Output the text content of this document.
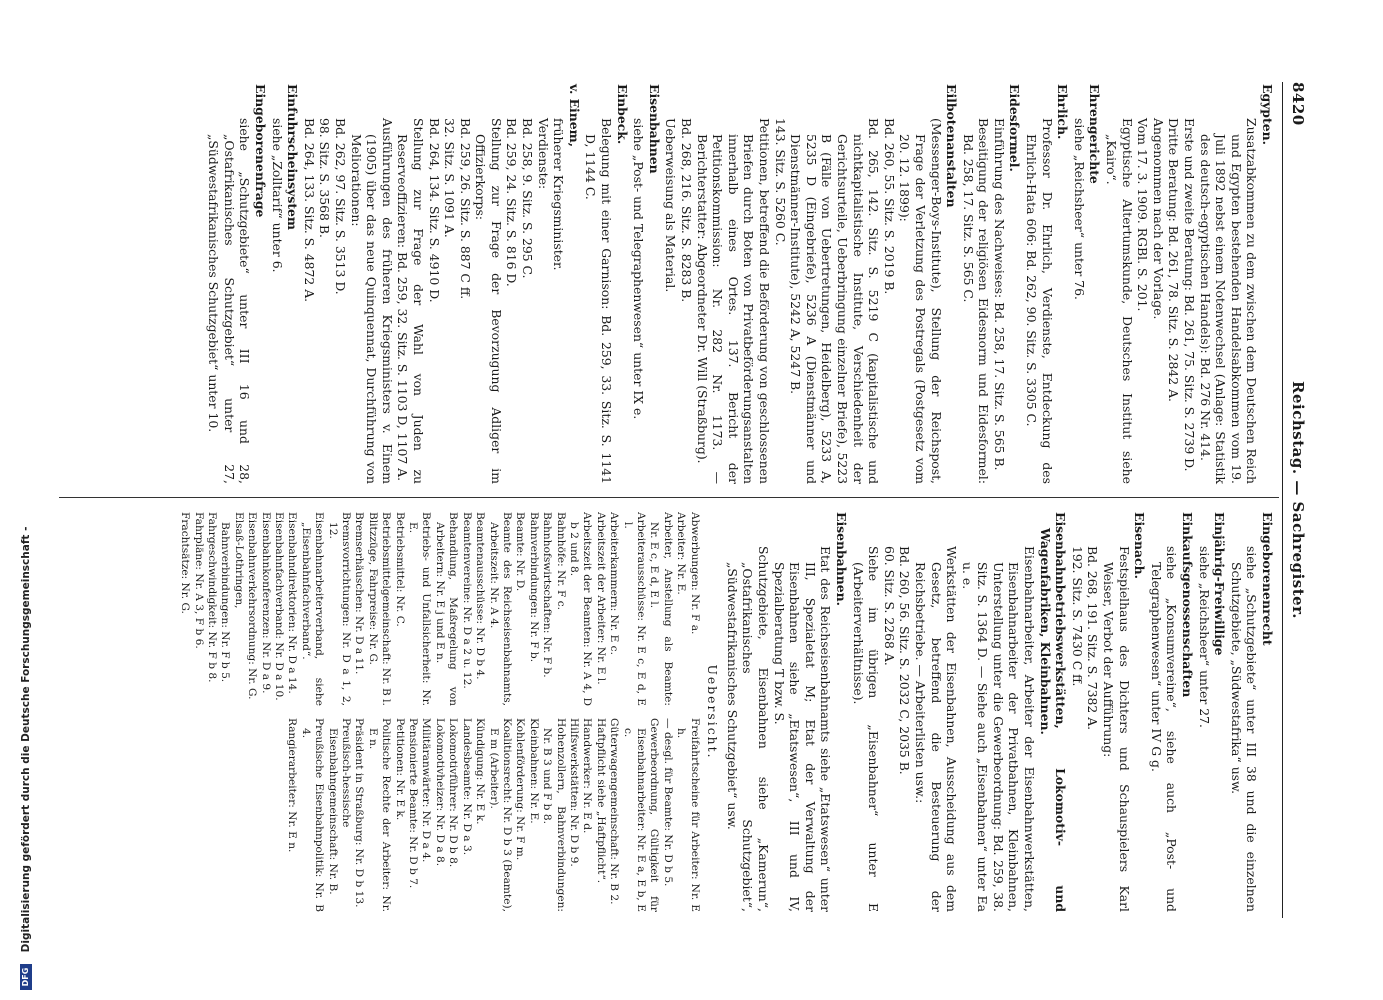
8420
Reichstag. — Sachregister.
Egypten.
Zusatzabkommen zu dem zwischen dem Deutschen Reich und Egypten bestehenden Handelsabkommen vom 19. Juli 1892 nebst einem Notenwechsel (Anlage: Statistik des deutsch-egyptischen Handels): Bd. 276 Nr. 414.
Erste und zweite Beratung: Bd. 261, 75. Sitz. S. 2739 D.
Dritte Beratung: Bd. 261, 78. Sitz. S. 2842 A.
Angenommen nach der Vorlage.
Vom 17. 3. 1909. RGBl. S. 201.
Egyptische Altertumskunde, Deutsches Institut siehe „Kairo“.
Ehrengerichte
siehe „Reichsheer“ unter 76.
Ehrlich.
Professor Dr. Ehrlich, Verdienste, Entdeckung des Ehrlich-Hata 606: Bd. 262, 90. Sitz. S. 3305 C.
Eidesformel.
Einführung des Nachweises: Bd. 258, 17. Sitz. S. 565 B.
Beseitigung der religiösen Eidesnorm und Eidesformel: Bd. 258, 17. Sitz. S. 565 C.
Eilbotenanstalten
(Messenger-Boys-Institute), Stellung der Reichspost, Frage der Verletzung des Postregals (Postgesetz vom 20. 12. 1899):
Bd. 260, 55. Sitz. S. 2019 B.
Bd. 265, 142. Sitz. S. 5219 C (kapitalistische und nichtkapitalistische Institute, Verschiedenheit der Gerichtsurteile, Ueberbringung einzelner Briefe), 5223 B (Fälle von Uebertretungen, Heidelberg), 5233 A, 5235 D (Eingebriefe), 5236 A (Dienstmänner und Dienstmänner-Institute), 5242 A, 5247 B.
143. Sitz. S. 5260 C.
Petitionen, betreffend die Beförderung von geschlossenen Briefen durch Boten von Privatbeförderungsanstalten innerhalb eines Ortes. 137. Bericht der Petitionskommission: Nr. 282 Nr. 1173. — Berichterstatter: Abgeordneter Dr. Will (Straßburg).
Bd. 268, 216. Sitz. S. 8283 B.
Ueberweisung als Material.
Eisenbahnen
siehe „Post- und Telegraphenwesen“ unter IX e.
Einbeck.
Belegung mit einer Garnison: Bd. 259, 33. Sitz. S. 1141 D, 1144 C.
v. Einem,
früherer Kriegsminister.
Verdienste:
Bd. 258, 9. Sitz. S. 295 C.
Bd. 259, 24. Sitz. S. 816 D.
Stellung zur Frage der Bevorzugung Adliger im Offizierkorps:
Bd. 259, 26. Sitz. S. 887 C ff.
32. Sitz. S. 1091 A.
Bd. 264, 134. Sitz. S. 4910 D.
Stellung zur Frage der Wahl von Juden zu Reserveoffizieren: Bd. 259, 32. Sitz. S. 1103 D, 1107 A.
Ausführungen des früheren Kriegsministers v. Einem (1905) über das neue Quinquennat, Durchführung von Meliorationen:
Bd. 262, 97. Sitz. S. 3513 D.
98. Sitz. S. 3568 B.
Bd. 264, 133. Sitz. S. 4872 A.
Einfuhrscheinsystem
siehe „Zolltarif“ unter 6.
Eingeborenenfrage
siehe „Schutzgebiete“ unter III 16 und 28, „Ostafrikanisches Schutzgebiet“ unter 27, „Südwestafrikanisches Schutzgebiet“ unter 10.
Eingeborenenrecht
siehe „Schutzgebiete“ unter III 38 und die einzelnen Schutzgebiete, „Südwestafrika“ usw.
Einjährig-Freiwillige
siehe „Reichsheer“ unter 27.
Einkaufsgenossenschaften
siehe „Konsumvereine“, siehe auch „Post- und Telegraphenwesen“ unter IV G g.
Eisenach.
Festspielhaus des Dichters und Schauspielers Karl Weiser, Verbot der Aufführung:
Bd. 268, 191. Sitz. S. 7382 A.
192. Sitz. S. 7430 C ff.
Eisenbahnbetriebswerkstätten, Lokomotiv- und Wagenfabriken, Kleinbahnen.
Eisenbahnarbeiter, Arbeiter der Eisenbahnwerkstätten, Eisenbahnarbeiter der Privatbahnen, Kleinbahnen, Unterstellung unter die Gewerbeordnung: Bd. 259, 38. Sitz. S. 1364 D. — Siehe auch „Eisenbahnen“ unter Ea u. e.
Werkstätten der Eisenbahnen, Ausscheidung aus dem Gesetz, betreffend die Besteuerung der Reichsbetriebe. — Arbeiterlisten usw.:
Bd. 260, 56. Sitz. S. 2032 C, 2035 B.
60. Sitz. S. 2268 A.
Siehe im übrigen „Eisenbahner“ unter E (Arbeiterverhältnisse).
Eisenbahnen.
Etat des Reichseisenbahnamts siehe „Etatswesen“ unter III, Spezialetat M; Etat der Verwaltung der Eisenbahnen siehe „Etatswesen“, III und IV, Spezialberatung T bzw. S.
Schutzgebiete, Eisenbahnen siehe „Kamerun“, „Ostafrikanisches Schutzgebiet“, „Südwestafrikanisches Schutzgebiet“ usw.
Uebersicht.
Abwerbungen: Nr. F a.
Arbeiter: Nr. E.
Arbeiter, Anstellung als Beamte: Nr. E c, E d, E l.
Arbeiterausschüsse: Nr. E c, E d, E l.
Arbeiterkammern: Nr. E c.
Arbeitszeit der Arbeiter: Nr. E l.
Arbeitszeit der Beamten: Nr. A 4, D b 2 und 8.
Bahnhöfe: Nr. F c.
Bahnhofswirtschaften: Nr. F b.
Bahnverbindungen: Nr. F b.
Beamte: Nr. D.
Beamte des Reichseisenbahnamts, Arbeitszeit: Nr. A 4.
Beamtenausschüsse: Nr. D b 4.
Beamtenvereine: Nr. D a 2 u. 12.
Behandlung, Maßregelung von Arbeitern: Nr. E j und E n.
Betriebs- und Unfallsicherheit: Nr. E.
Betriebsmittel: Nr. C.
Betriebsmittelgemeinschaft: Nr. B l.
Blitzzüge, Fahrpreise: Nr. G.
Bremserhäuschen: Nr. D a 11.
Bremsvorrichtungen: Nr. D a 1, 2, 12.
Eisenbahnarbeiterverband, siehe „Eisenbahnfachverband“.
Eisenbahndirektorien: Nr. D a 14.
Eisenbahnfachverband: Nr. D a 10.
Eisenbahnkonferenzen: Nr. D a 9.
Eisenbahnverkehrsordnung: Nr. G.
Elsaß-Lothringen, Bahnverbindungen: Nr. F b 5.
Fahrgeschwindigkeit: Nr. F b 8.
Fahrpläne: Nr. A 3, F b 6.
Frachtsätze: Nr. G.
Freifahrtscheine für Arbeiter: Nr. E h.
— desgl. für Beamte: Nr. D b 5.
Gewerbeordnung, Gültigkeit für Eisenbahnarbeiter: Nr. E a, E b, E c.
Güterwagengemeinschaft: Nr. B 2.
Haftpflicht siehe „Haftpflicht“.
Handwerker: Nr. E d.
Hilfswerkstätten: Nr. D b 9.
Hohenzollern, Bahnverbindungen: Nr. B 3 und F b 8.
Kleinbahnen: Nr. E.
Kohlenförderung: Nr. F m.
Koalitionsrecht: Nr. D b 3 (Beamte), E m (Arbeiter).
Kündigung: Nr. E k.
Landesbeamte: Nr. D a 3.
Lokomotivführer: Nr. D b 8.
Lokomotivheizer: Nr. D a 8.
Militäranwärter: Nr. D a 4.
Pensionierte Beamte: Nr. D b 7.
Petitionen: Nr. E k.
Politische Rechte der Arbeiter: Nr. E n.
Präsident in Straßburg: Nr. D b 13.
Preußisch-hessische Eisenbahngemeinschaft: Nr. B.
Preußische Eisenbahnpolitik: Nr. B 4.
Rangierarbeiter: Nr. E n.
DFG Digitalisierung gefördert durch die Deutsche Forschungsgemeinschaft -
